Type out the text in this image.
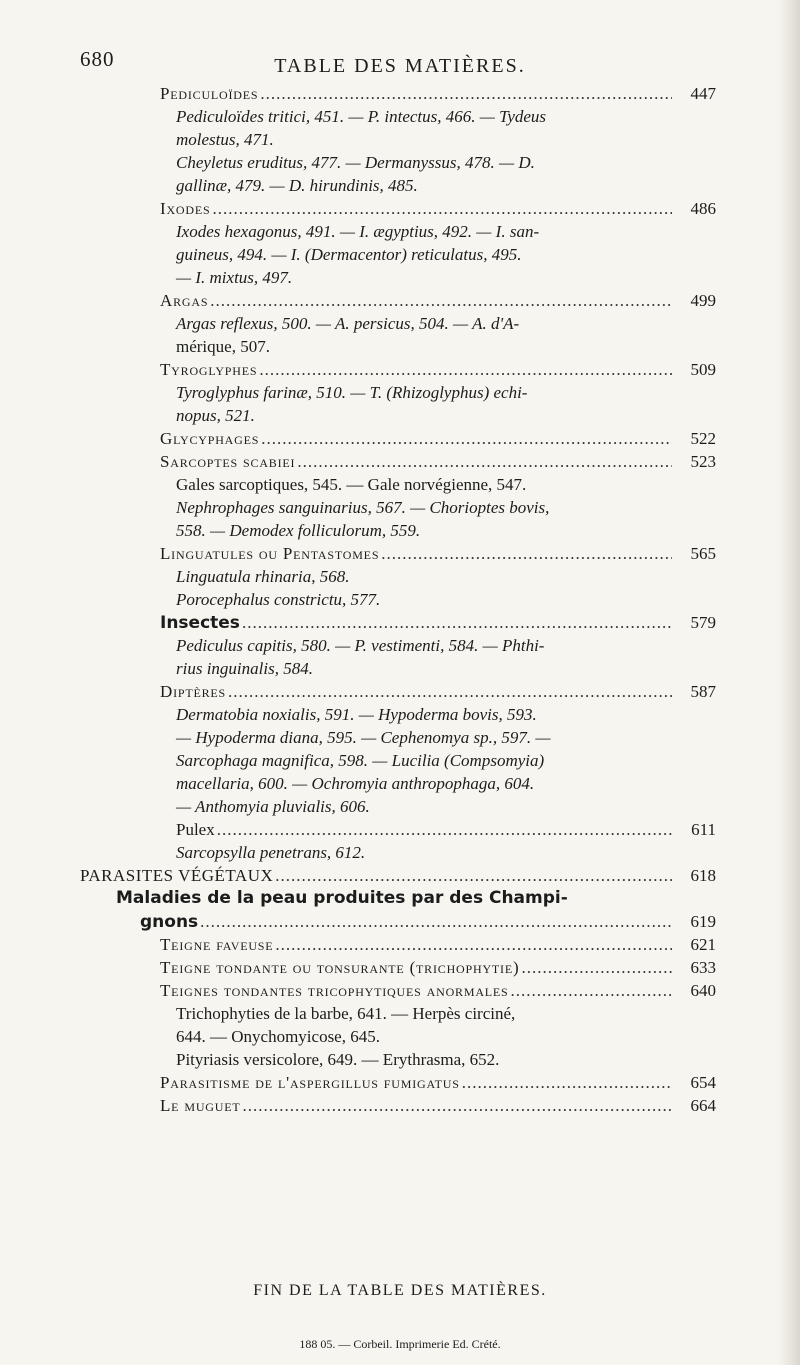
680	TABLE DES MATIÈRES.
Pediculoïdes .....	447
Pediculoïdes tritici, 451. — P. intectus, 466. — Tydeus
molestus, 471.
Cheyletus eruditus, 477. — Dermanyssus, 478. — D.
gallinæ, 479. — D. hirundinis, 485.
Ixodes .....	486
Ixodes hexagonus, 491. — I. ægyptius, 492. — I. san-
guineus, 494. — I. (Dermacentor) reticulatus, 495.
— I. mixtus, 497.
Argas .....	499
Argas reflexus, 500. — A. persicus, 504. — A. d'A-
mérique, 507.
Tyroglyphes .....	509
Tyroglyphus farinæ, 510. — T. (Rhizoglyphus) echi-
nopus, 521.
Glycyphages .....	522
Sarcoptes scabiei .....	523
Gales sarcoptiques, 545. — Gale norvégienne, 547.
Nephrophages sanguinarius, 567. — Chorioptes bovis,
558. — Demodex folliculorum, 559.
Linguatules ou Pentastomes .....	565
Linguatula rhinaria, 568.
Porocephalus constrictu, 577.
Insectes .....	579
Pediculus capitis, 580. — P. vestimenti, 584. — Phthi-
rius inguinalis, 584.
Diptères .....	587
Dermatobia noxialis, 591. — Hypoderma bovis, 593.
— Hypoderma diana, 595. — Cephenomya sp., 597. —
Sarcophaga magnifica, 598. — Lucilia (Compsomyia)
macellaria, 600. — Ochromyia anthropophaga, 604.
— Anthomyia pluvialis, 606.
Pulex .....	611
Sarcopsylla penetrans, 612.
PARASITES VÉGÉTAUX .....	618
Maladies de la peau produites par des Champi-
gnons .....	619
Teigne faveuse .....	621
Teigne tondante ou tonsurante (trichophytie) .....	633
Teignes tondantes tricophytiques anormales .....	640
Trichophyties de la barbe, 641. — Herpès circiné,
644. — Onychomyicose, 645.
Pityriasis versicolore, 649. — Erythrasma, 652.
Parasitisme de l'aspergillus fumigatus .....	654
Le muguet .....	664
FIN DE LA TABLE DES MATIÈRES.
188 05. — Corbeil. Imprimerie Ed. Crété.
